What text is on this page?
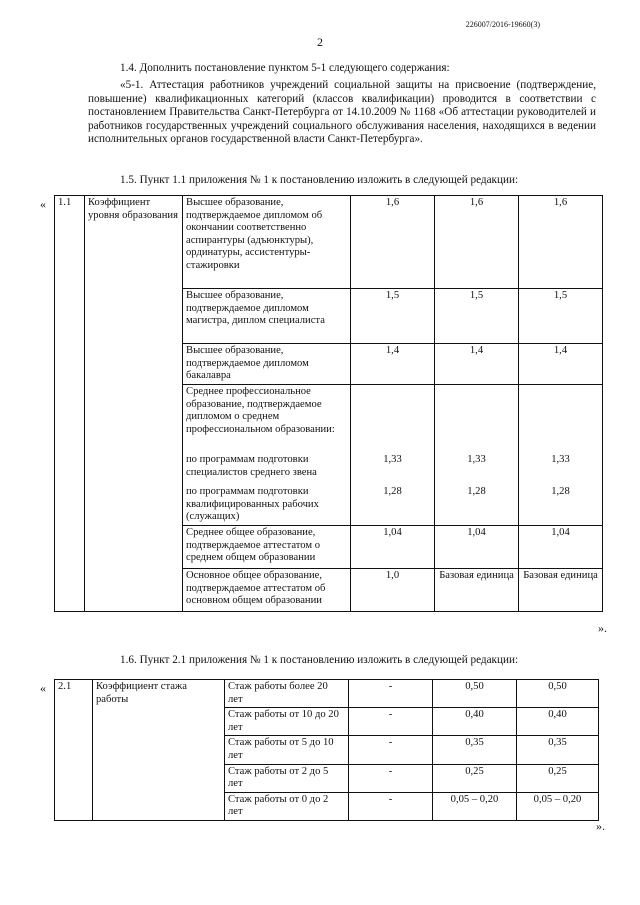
226007/2016-19660(3)
2
1.4. Дополнить постановление пунктом 5-1 следующего содержания:
«5-1. Аттестация работников учреждений социальной защиты на присвоение (подтверждение, повышение) квалификационных категорий (классов квалификации) проводится в соответствии с постановлением Правительства Санкт-Петербурга от 14.10.2009 № 1168 «Об аттестации руководителей и работников государственных учреждений социального обслуживания населения, находящихся в ведении исполнительных органов государственной власти Санкт-Петербурга».
1.5. Пункт 1.1 приложения № 1 к постановлению изложить в следующей редакции:
« 1.1	Коэффициент уровня образования	Высшее образование, подтверждаемое дипломом об окончании соответственно аспирантуры (адъюнктуры), ординатуры, ассистентуры-стажировки	1,6	1,6	1,6
		Высшее образование, подтверждаемое дипломом магистра, диплом специалиста	1,5	1,5	1,5
		Высшее образование, подтверждаемое дипломом бакалавра	1,4	1,4	1,4
		Среднее профессиональное образование, подтверждаемое дипломом о среднем профессиональном образовании:			
		по программам подготовки специалистов среднего звена	1,33	1,33	1,33
		по программам подготовки квалифицированных рабочих (служащих)	1,28	1,28	1,28
		Среднее общее образование, подтверждаемое аттестатом о среднем общем образовании	1,04	1,04	1,04
		Основное общее образование, подтверждаемое аттестатом об основном общем образовании	1,0	Базовая единица	Базовая единица
».
1.6. Пункт 2.1 приложения № 1 к постановлению изложить в следующей редакции:
« 2.1	Коэффициент стажа работы	Стаж работы более 20 лет	-	0,50	0,50
		Стаж работы от 10 до 20 лет	-	0,40	0,40
		Стаж работы от 5 до 10 лет	-	0,35	0,35
		Стаж работы от 2 до 5 лет	-	0,25	0,25
		Стаж работы от 0 до 2 лет	-	0,05 – 0,20	0,05 – 0,20
».
